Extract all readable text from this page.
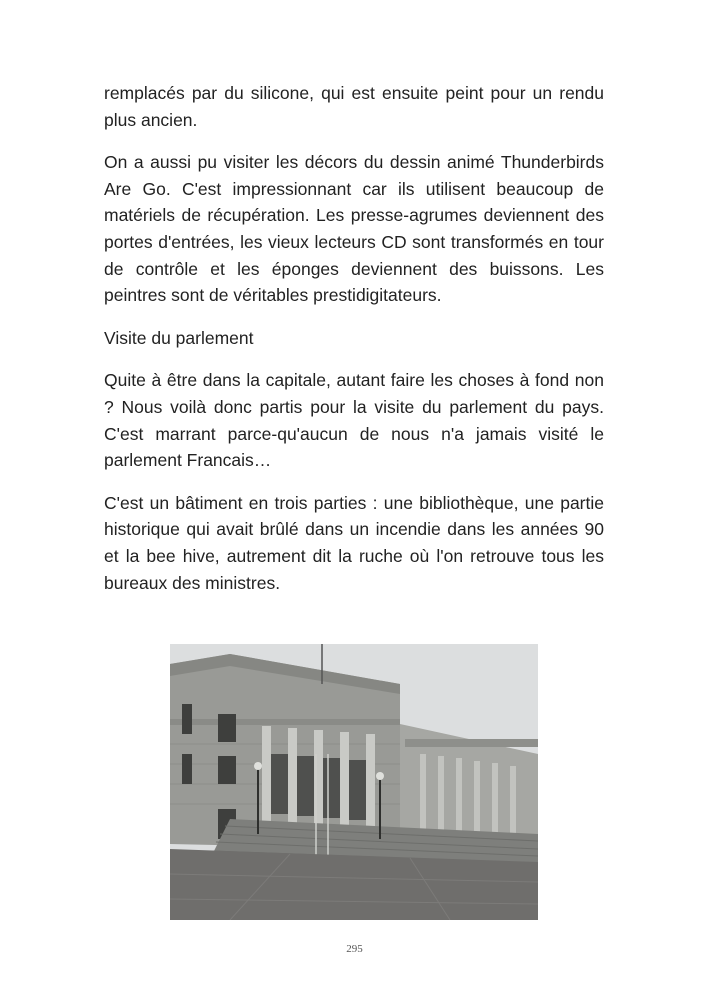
remplacés par du silicone, qui est ensuite peint pour un rendu plus ancien.

On a aussi pu visiter les décors du dessin animé Thunderbirds Are Go. C'est impressionnant car ils utilisent beaucoup de matériels de récupération. Les presse-agrumes deviennent des portes d'entrées, les vieux lecteurs CD sont transformés en tour de contrôle et les éponges deviennent des buissons. Les peintres sont de véritables prestidigitateurs.

Visite du parlement

Quite à être dans la capitale, autant faire les choses à fond non ? Nous voilà donc partis pour la visite du parlement du pays. C'est marrant parce-qu'aucun de nous n'a jamais visité le parlement Francais…

C'est un bâtiment en trois parties : une bibliothèque, une partie historique qui avait brûlé dans un incendie dans les années 90 et la bee hive, autrement dit la ruche où l'on retrouve tous les bureaux des ministres.

295
